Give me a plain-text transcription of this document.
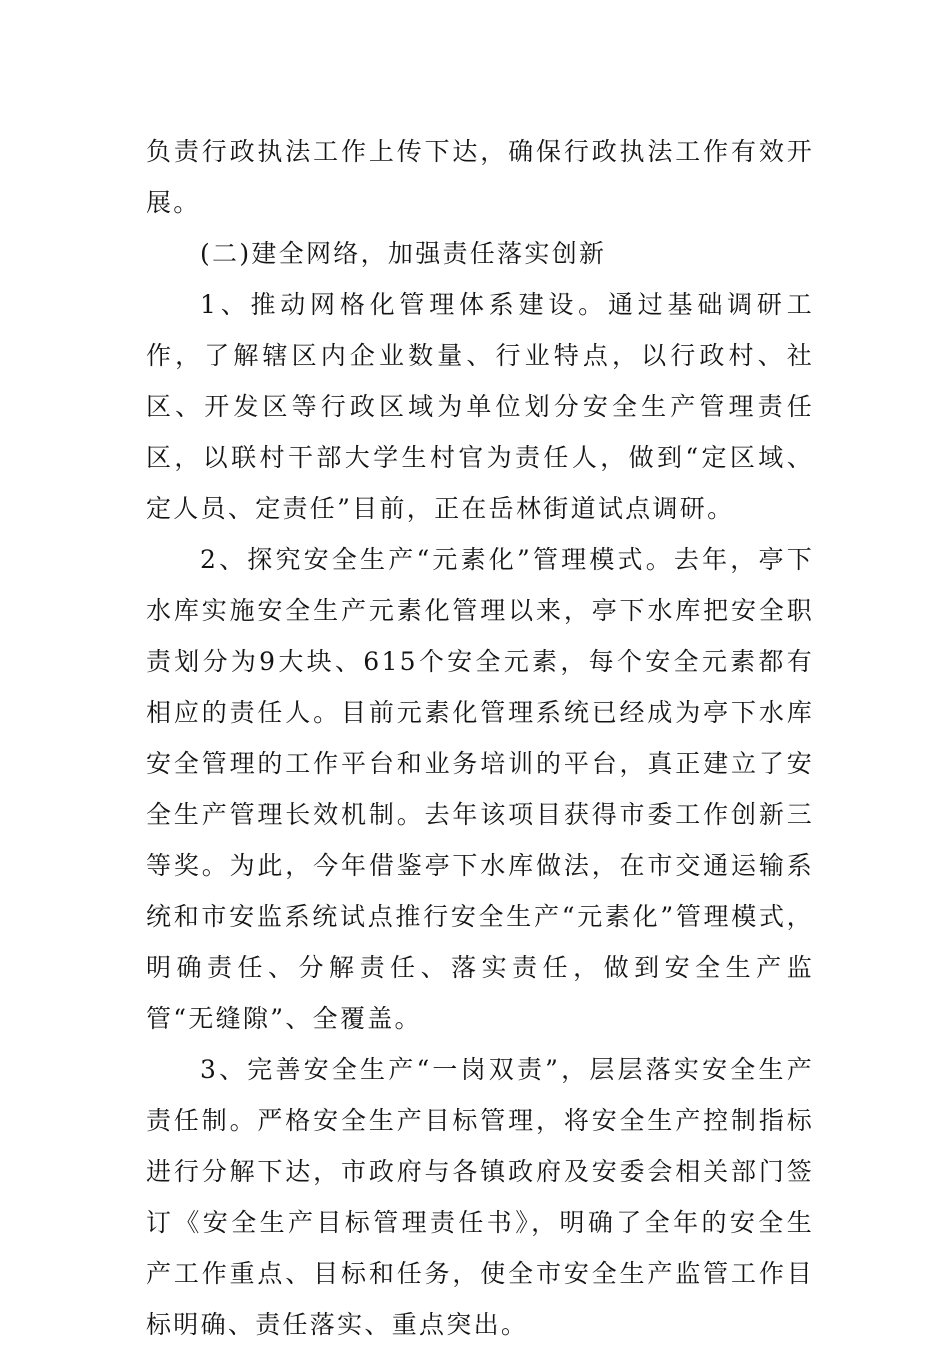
负责行政执法工作上传下达，确保行政执法工作有效开展。

(二)建全网络，加强责任落实创新

1、推动网格化管理体系建设。通过基础调研工作，了解辖区内企业数量、行业特点，以行政村、社区、开发区等行政区域为单位划分安全生产管理责任区，以联村干部大学生村官为责任人，做到“定区域、定人员、定责任”目前，正在岳林街道试点调研。

2、探究安全生产“元素化”管理模式。去年，亭下水库实施安全生产元素化管理以来，亭下水库把安全职责划分为9大块、615个安全元素，每个安全元素都有相应的责任人。目前元素化管理系统已经成为亭下水库安全管理的工作平台和业务培训的平台，真正建立了安全生产管理长效机制。去年该项目获得市委工作创新三等奖。为此，今年借鉴亭下水库做法，在市交通运输系统和市安监系统试点推行安全生产“元素化”管理模式，明确责任、分解责任、落实责任，做到安全生产监管“无缝隙”、全覆盖。

3、完善安全生产“一岗双责”，层层落实安全生产责任制。严格安全生产目标管理，将安全生产控制指标进行分解下达，市政府与各镇政府及安委会相关部门签订《安全生产目标管理责任书》，明确了全年的安全生产工作重点、目标和任务，使全市安全生产监管工作目标明确、责任落实、重点突出。
